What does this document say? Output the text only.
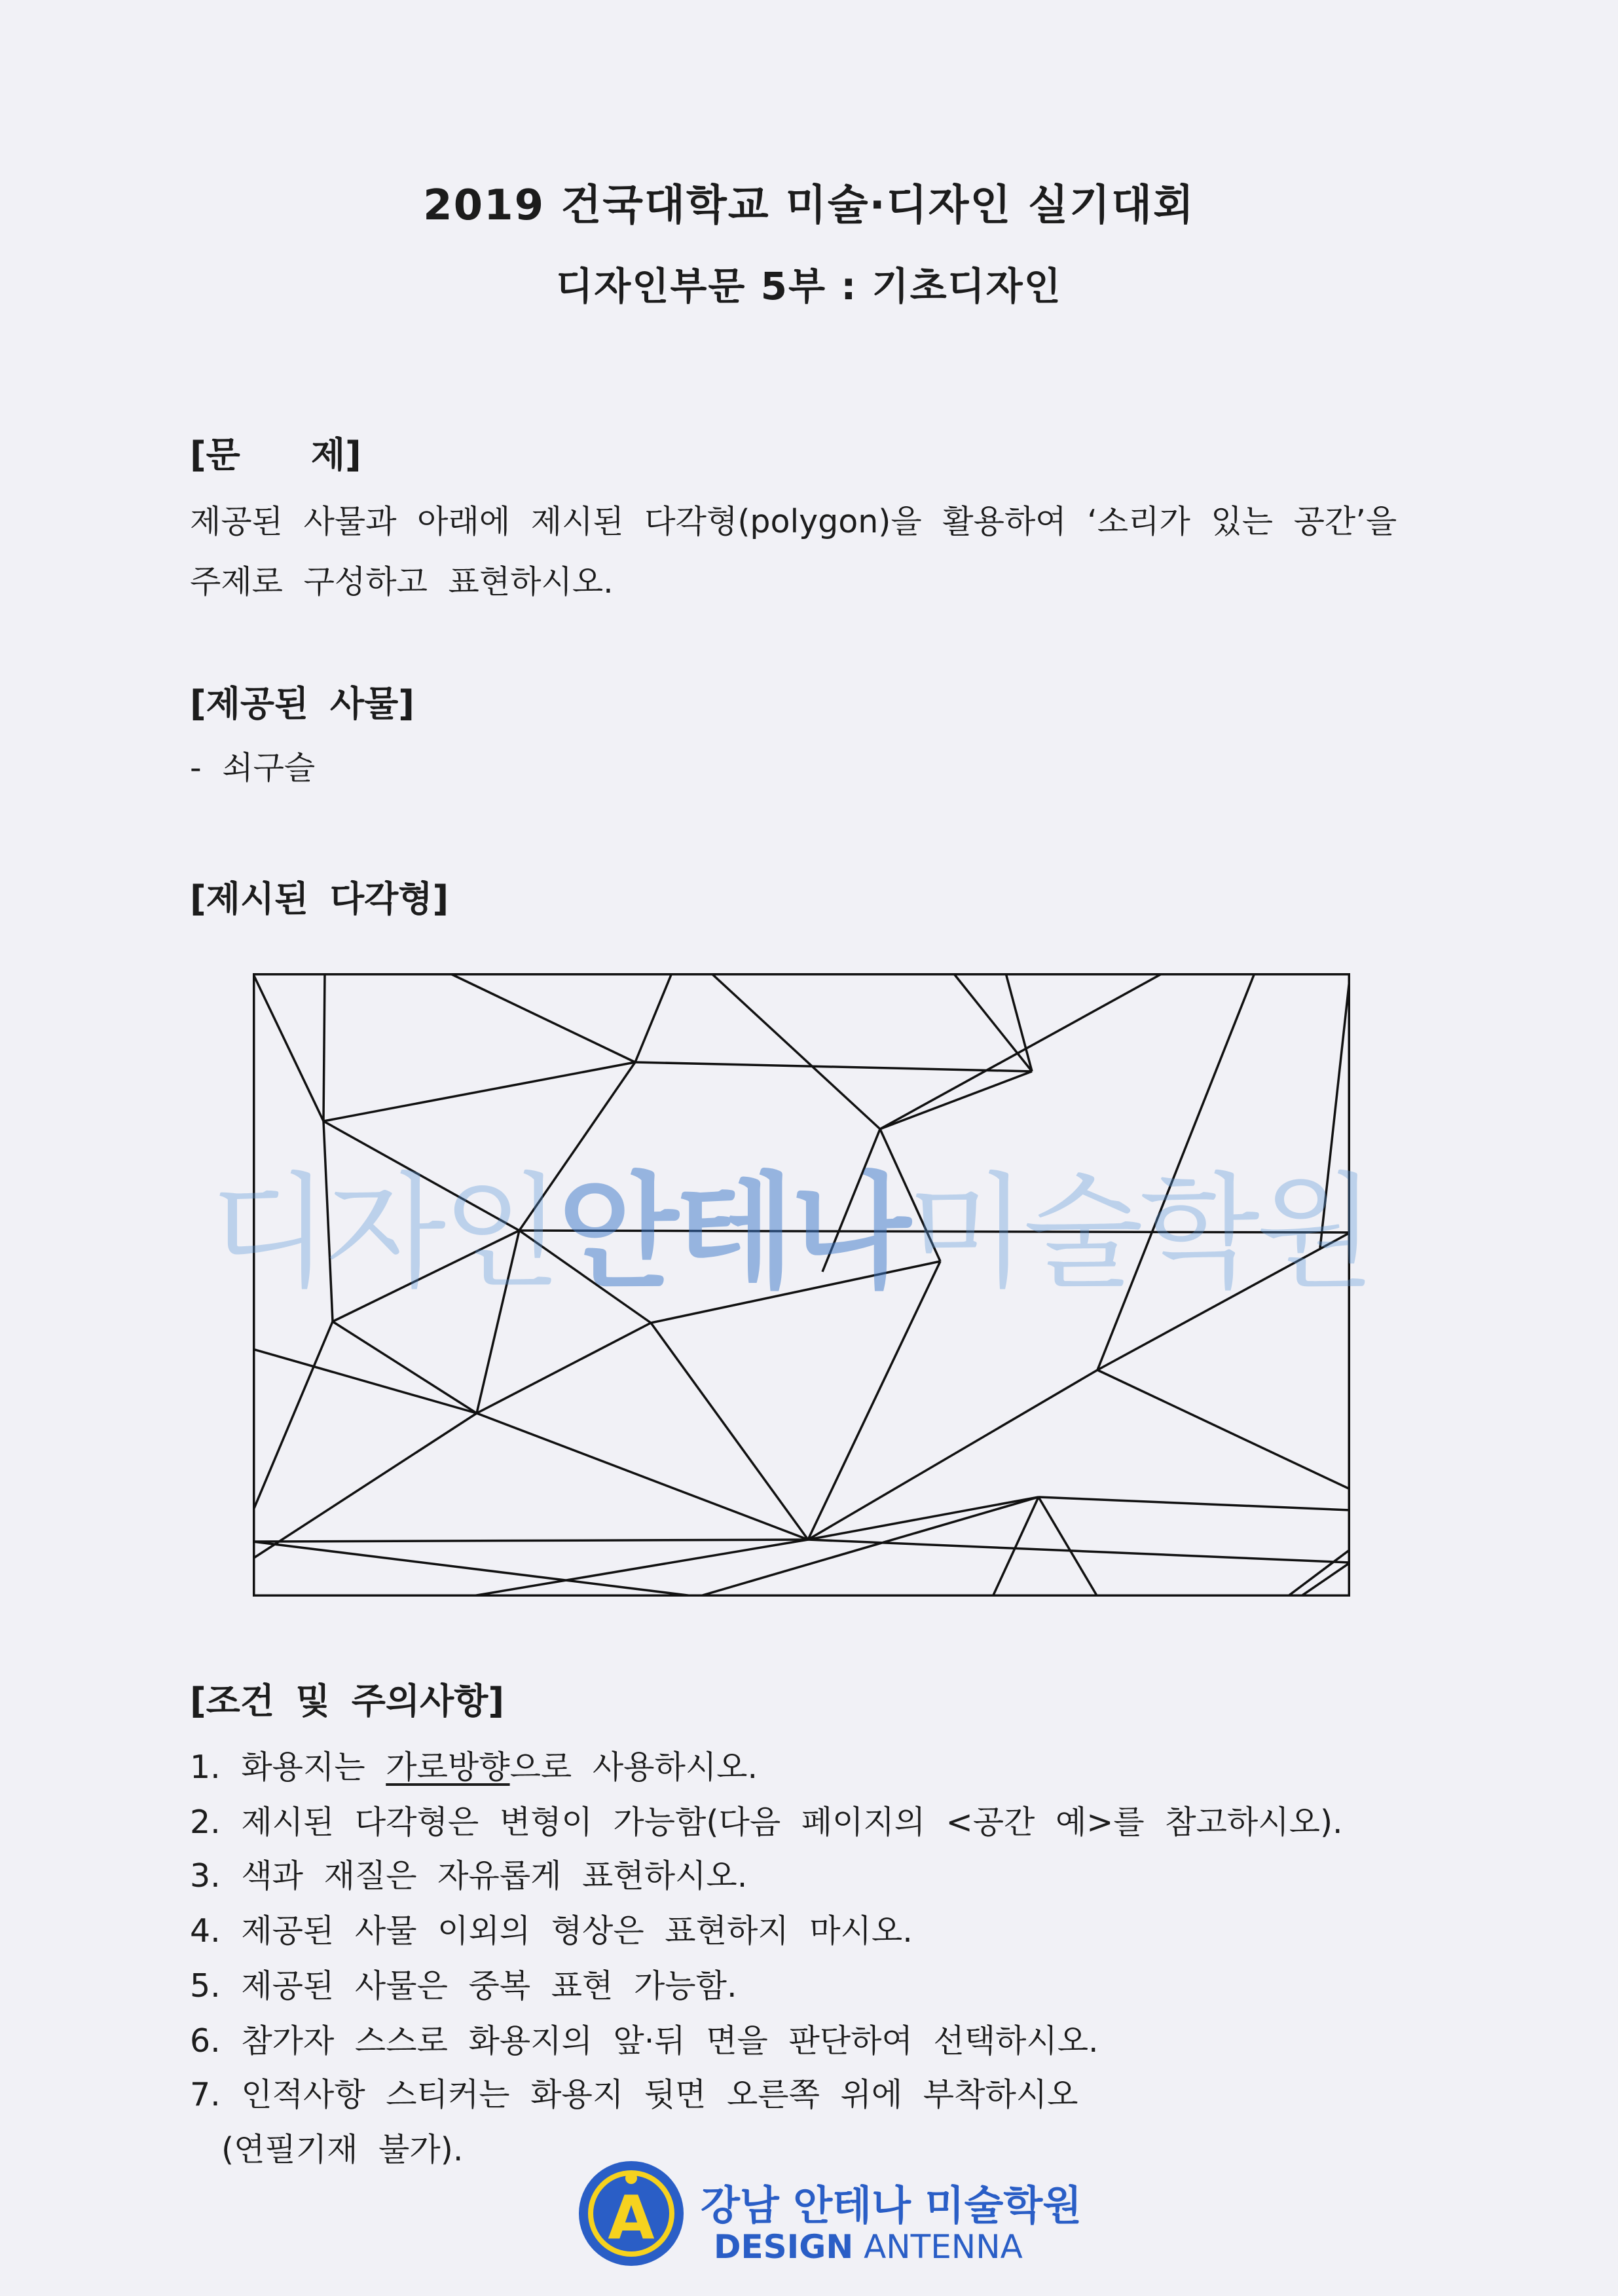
2019 건국대학교 미술·디자인 실기대회
디자인부문 5부 : 기초디자인
[문　　제]
제공된 사물과 아래에 제시된 다각형(polygon)을 활용하여 ‘소리가 있는 공간’을
주제로 구성하고 표현하시오.
[제공된 사물]
- 쇠구슬
[제시된 다각형]
디자인안테나미술학원
[조건 및 주의사항]
1. 화용지는 가로방향으로 사용하시오.
2. 제시된 다각형은 변형이 가능함(다음 페이지의 <공간 예>를 참고하시오).
3. 색과 재질은 자유롭게 표현하시오.
4. 제공된 사물 이외의 형상은 표현하지 마시오.
5. 제공된 사물은 중복 표현 가능함.
6. 참가자 스스로 화용지의 앞·뒤 면을 판단하여 선택하시오.
7. 인적사항 스티커는 화용지 뒷면 오른쪽 위에 부착하시오
(연필기재 불가).
A 강남 안테나 미술학원
DESIGN ANTENNA
